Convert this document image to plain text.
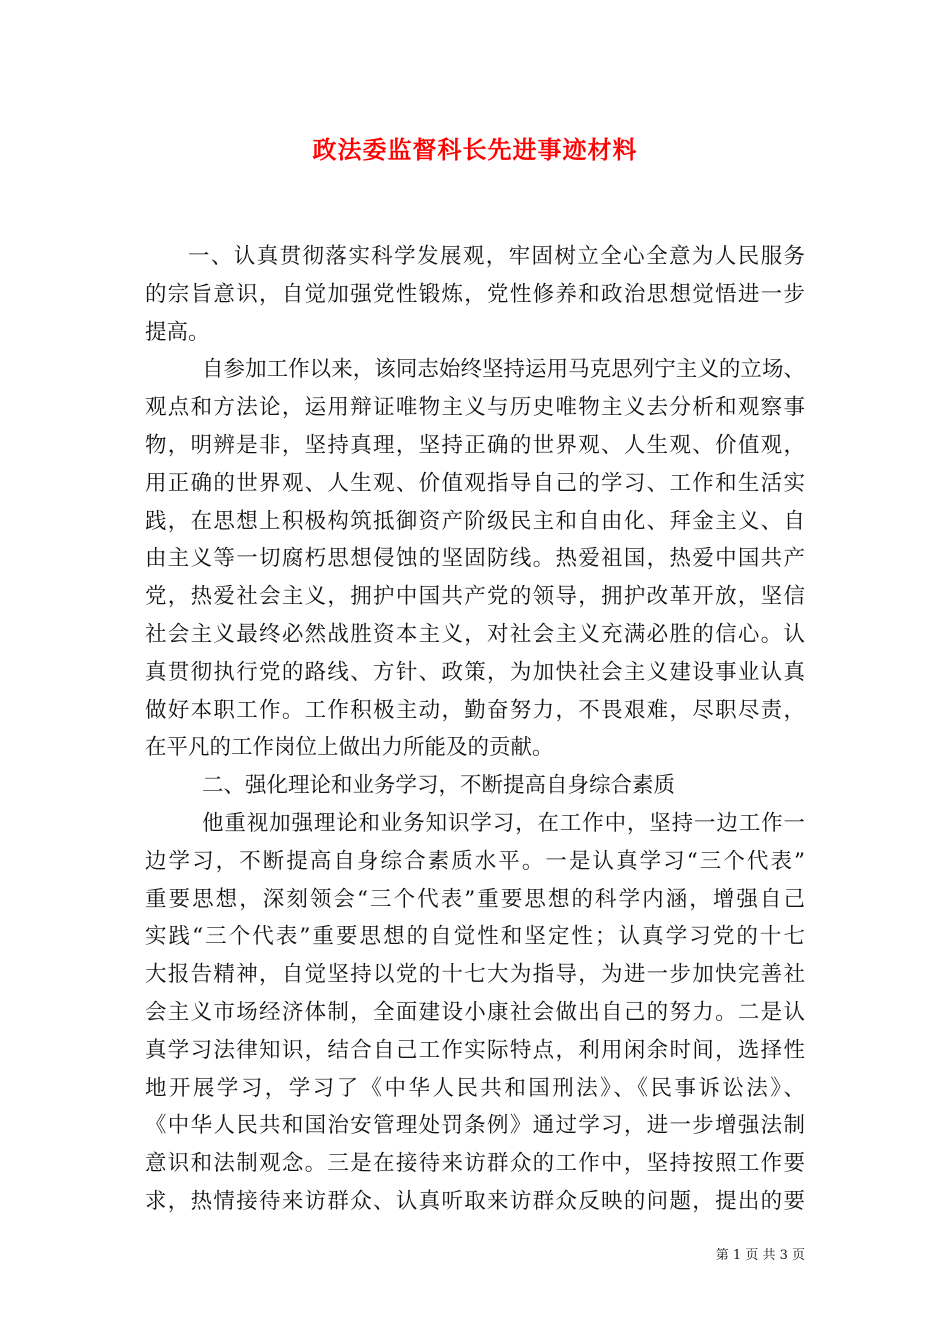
政法委监督科长先进事迹材料
一、认真贯彻落实科学发展观，牢固树立全心全意为人民服务
的宗旨意识，自觉加强党性锻炼，党性修养和政治思想觉悟进一步
提高。
自参加工作以来，该同志始终坚持运用马克思列宁主义的立场、
观点和方法论，运用辩证唯物主义与历史唯物主义去分析和观察事
物，明辨是非，坚持真理，坚持正确的世界观、人生观、价值观，
用正确的世界观、人生观、价值观指导自己的学习、工作和生活实
践，在思想上积极构筑抵御资产阶级民主和自由化、拜金主义、自
由主义等一切腐朽思想侵蚀的坚固防线。热爱祖国，热爱中国共产
党，热爱社会主义，拥护中国共产党的领导，拥护改革开放，坚信
社会主义最终必然战胜资本主义，对社会主义充满必胜的信心。认
真贯彻执行党的路线、方针、政策，为加快社会主义建设事业认真
做好本职工作。工作积极主动，勤奋努力，不畏艰难，尽职尽责，
在平凡的工作岗位上做出力所能及的贡献。
二、强化理论和业务学习，不断提高自身综合素质
他重视加强理论和业务知识学习，在工作中，坚持一边工作一
边学习，不断提高自身综合素质水平。一是认真学习“三个代表”
重要思想，深刻领会“三个代表”重要思想的科学内涵，增强自己
实践“三个代表”重要思想的自觉性和坚定性；认真学习党的十七
大报告精神，自觉坚持以党的十七大为指导，为进一步加快完善社
会主义市场经济体制，全面建设小康社会做出自己的努力。二是认
真学习法律知识，结合自己工作实际特点，利用闲余时间，选择性
地开展学习，学习了《中华人民共和国刑法》、《民事诉讼法》、
《中华人民共和国治安管理处罚条例》通过学习，进一步增强法制
意识和法制观念。三是在接待来访群众的工作中，坚持按照工作要
求，热情接待来访群众、认真听取来访群众反映的问题，提出的要
第 1 页 共 3 页
